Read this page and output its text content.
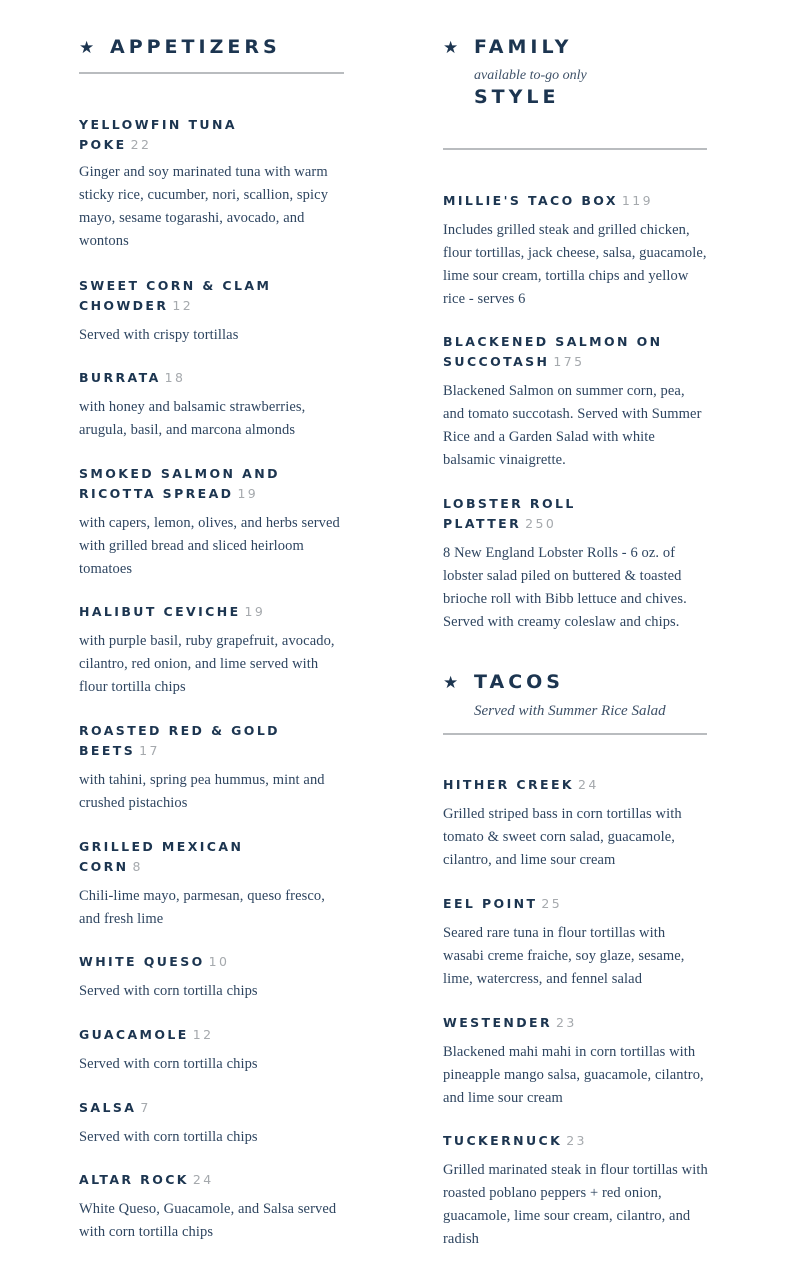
★ APPETIZERS
YELLOWFIN TUNA POKE 22
Ginger and soy marinated tuna with warm sticky rice, cucumber, nori, scallion, spicy mayo, sesame togarashi, avocado, and wontons
SWEET CORN & CLAM CHOWDER 12
Served with crispy tortillas
BURRATA 18
with honey and balsamic strawberries, arugula, basil, and marcona almonds
SMOKED SALMON AND RICOTTA SPREAD 19
with capers, lemon, olives, and herbs served with grilled bread and sliced heirloom tomatoes
HALIBUT CEVICHE 19
with purple basil, ruby grapefruit, avocado, cilantro, red onion, and lime served with flour tortilla chips
ROASTED RED & GOLD BEETS 17
with tahini, spring pea hummus, mint and crushed pistachios
GRILLED MEXICAN CORN 8
Chili-lime mayo, parmesan, queso fresco, and fresh lime
WHITE QUESO 10
Served with corn tortilla chips
GUACAMOLE 12
Served with corn tortilla chips
SALSA 7
Served with corn tortilla chips
ALTAR ROCK 24
White Queso, Guacamole, and Salsa served with corn tortilla chips
★ FAMILY
available to-go only
STYLE
MILLIE'S TACO BOX 119
Includes grilled steak and grilled chicken, flour tortillas, jack cheese, salsa, guacamole, lime sour cream, tortilla chips and yellow rice - serves 6
BLACKENED SALMON ON SUCCOTASH 175
Blackened Salmon on summer corn, pea, and tomato succotash. Served with Summer Rice and a Garden Salad with white balsamic vinaigrette.
LOBSTER ROLL PLATTER 250
8 New England Lobster Rolls - 6 oz. of lobster salad piled on buttered & toasted brioche roll with Bibb lettuce and chives. Served with creamy coleslaw and chips.
★ TACOS
Served with Summer Rice Salad
HITHER CREEK 24
Grilled striped bass in corn tortillas with tomato & sweet corn salad, guacamole, cilantro, and lime sour cream
EEL POINT 25
Seared rare tuna in flour tortillas with wasabi creme fraiche, soy glaze, sesame, lime, watercress, and fennel salad
WESTENDER 23
Blackened mahi mahi in corn tortillas with pineapple mango salsa, guacamole, cilantro, and lime sour cream
TUCKERNUCK 23
Grilled marinated steak in flour tortillas with roasted poblano peppers + red onion, guacamole, lime sour cream, cilantro, and radish
